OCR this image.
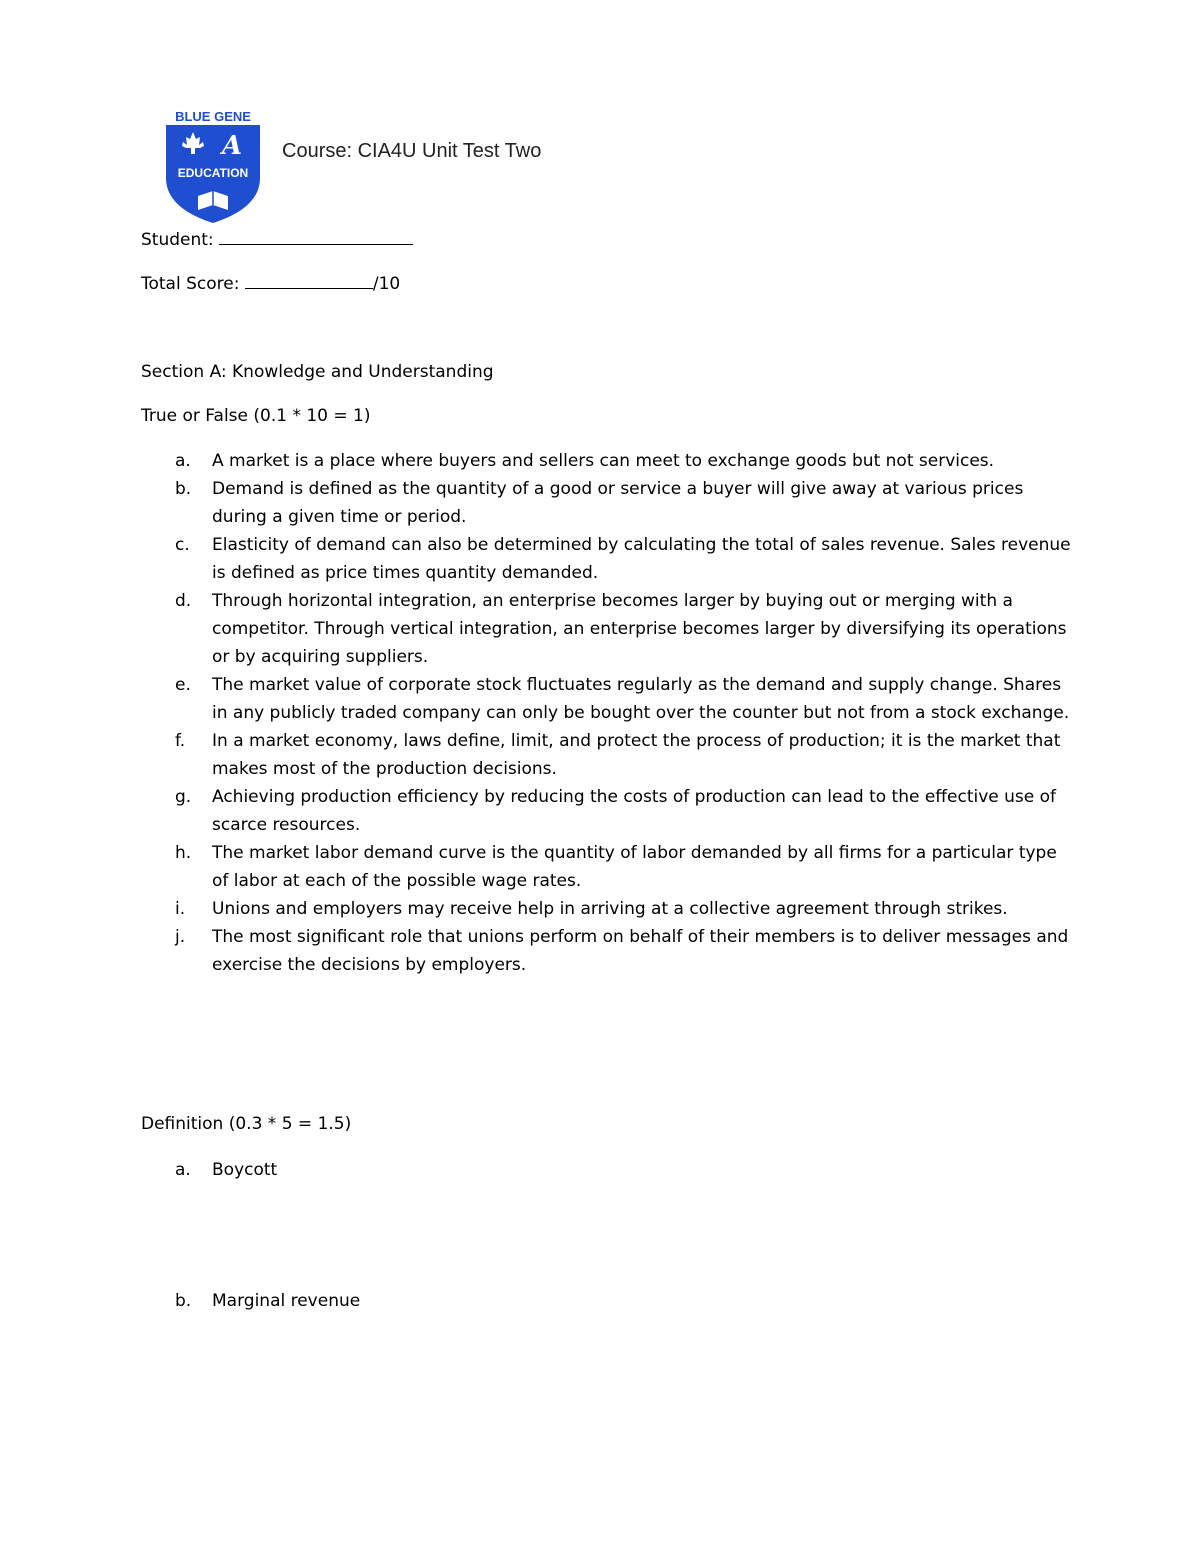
BLUE GENE
A
EDUCATION
Course: CIA4U Unit Test Two
Student:
Total Score:	/10
Section A: Knowledge and Understanding
True or False (0.1 * 10 = 1)
a.	A market is a place where buyers and sellers can meet to exchange goods but not services.
b.	Demand is defined as the quantity of a good or service a buyer will give away at various prices during a given time or period.
c.	Elasticity of demand can also be determined by calculating the total of sales revenue. Sales revenue is defined as price times quantity demanded.
d.	Through horizontal integration, an enterprise becomes larger by buying out or merging with a competitor. Through vertical integration, an enterprise becomes larger by diversifying its operations or by acquiring suppliers.
e.	The market value of corporate stock fluctuates regularly as the demand and supply change. Shares in any publicly traded company can only be bought over the counter but not from a stock exchange.
f.	In a market economy, laws define, limit, and protect the process of production; it is the market that makes most of the production decisions.
g.	Achieving production efficiency by reducing the costs of production can lead to the effective use of scarce resources.
h.	The market labor demand curve is the quantity of labor demanded by all firms for a particular type of labor at each of the possible wage rates.
i.	Unions and employers may receive help in arriving at a collective agreement through strikes.
j.	The most significant role that unions perform on behalf of their members is to deliver messages and exercise the decisions by employers.
Definition (0.3 * 5 = 1.5)
a.	Boycott
b.	Marginal revenue
